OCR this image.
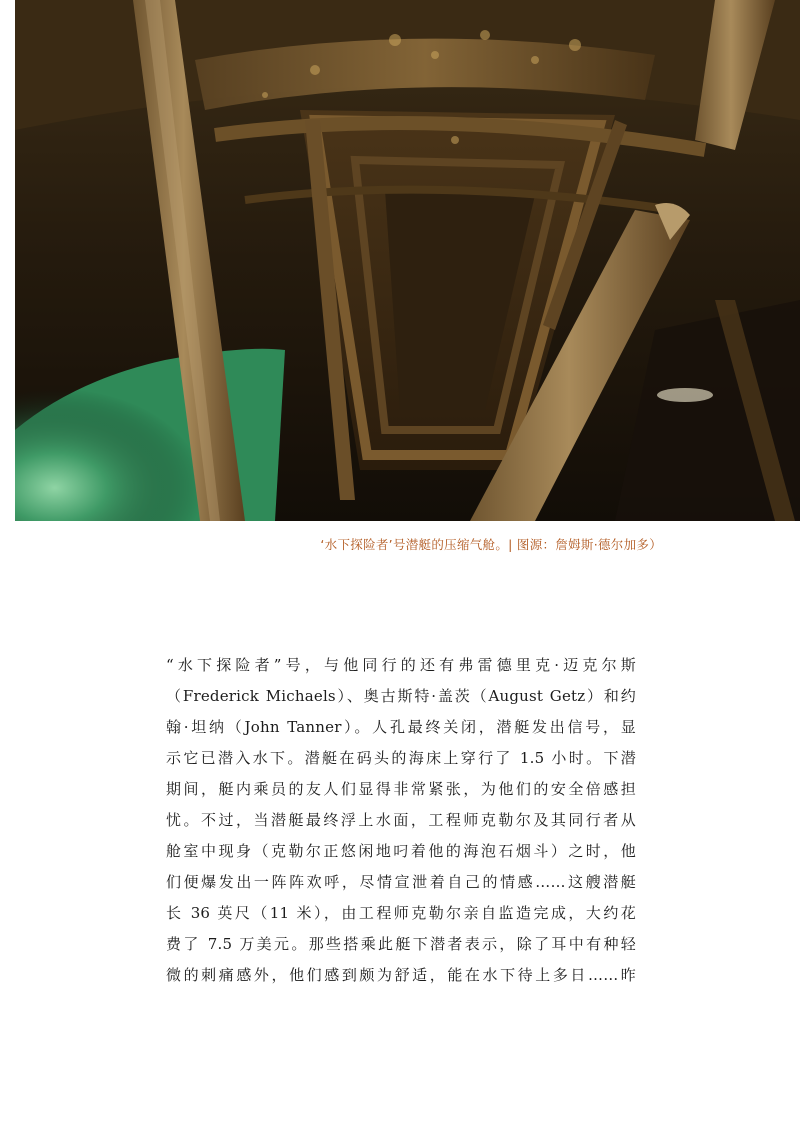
‘水下探险者’号潜艇的压缩气舱。| 图源：詹姆斯·德尔加多）
“水下探险者”号，与他同行的还有弗雷德里克·迈克尔斯
（Frederick Michaels）、奥古斯特·盖茨（August Getz）和约
翰·坦纳（John Tanner）。人孔最终关闭，潜艇发出信号，显
示它已潜入水下。潜艇在码头的海床上穿行了 1.5 小时。下潜
期间，艇内乘员的友人们显得非常紧张，为他们的安全倍感担
忧。不过，当潜艇最终浮上水面，工程师克勒尔及其同行者从
舱室中现身（克勒尔正悠闲地叼着他的海泡石烟斗）之时，他
们便爆发出一阵阵欢呼，尽情宣泄着自己的情感……这艘潜艇
长 36 英尺（11 米），由工程师克勒尔亲自监造完成，大约花
费了 7.5 万美元。那些搭乘此艇下潜者表示，除了耳中有种轻
微的刺痛感外，他们感到颇为舒适，能在水下待上多日……昨
